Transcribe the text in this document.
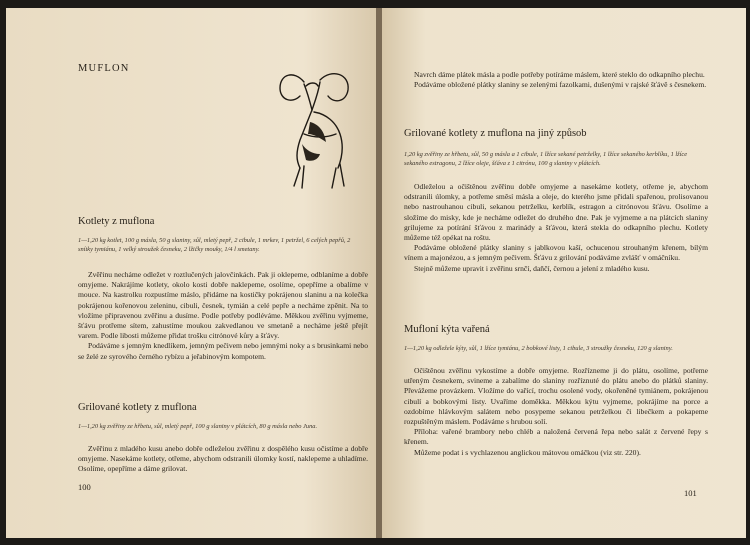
MUFLON
Kotlety z muflona
1—1,20 kg kotlet, 100 g másla, 50 g slaniny, sůl, mletý pepř, 2 cibule, 1 mrkev, 1 petržel, 6 celých pepřů, 2 snítky tymiánu, 1 velký stroužek česneku, 2 lžičky mouky, 1/4 l smetany.

Zvěřinu necháme odležet v roztlučených jalovčinkách. Pak ji oklepeme, odblaníme a dobře omyjeme. Nakrájíme kotlety, okolo kosti dobře naklepeme, osolíme, opepříme a obalíme v mouce. Na kastrolku rozpustíme máslo, přidáme na kostičky pokrájenou slaninu a na kolečka pokrájenou kořenovou zeleninu, cibuli, česnek, tymián a celé pepře a necháme zpěnit. Na to vložíme připravenou zvěřinu a dusíme. Podle potřeby podléváme. Měkkou zvěřinu vyjmeme, šťávu protřeme sítem, zahustíme moukou zakvedlanou ve smetaně a necháme ještě přejít varem. Podle libosti můžeme přidat trošku citrónové kůry a šťávy.

Podáváme s jemným knedlíkem, jemným pečivem nebo jemnými noky a s brusinkami nebo se želé ze syrového černého rybízu a jeřabinovým kompotem.

Grilované kotlety z muflona
1—1,20 kg zvěřiny ze hřbetu, sůl, mletý pepř, 100 g slaniny v plátcích, 80 g másla nebo Juna.

Zvěřinu z mladého kusu anebo dobře odleželou zvěřinu z dospělého kusu očistíme a dobře omyjeme. Nasekáme kotlety, otřeme, abychom odstranili úlomky kostí, naklepeme a uhladíme. Osolíme, opepříme a dáme grilovat.

100

Navrch dáme plátek másla a podle potřeby potíráme máslem, které steklo do odkapního plechu.

Podáváme obložené plátky slaniny se zelenými fazolkami, dušenými v rajské šťávě s česnekem.

Grilované kotlety z muflona na jiný způsob
1,20 kg zvěřiny ze hřbetu, sůl, 50 g másla a 1 cibule, 1 lžíce sekané petrželky, 1 lžíce sekaného kerblíku, 1 lžíce sekaného estragonu, 2 lžíce oleje, šťáva z 1 citrónu, 100 g slaniny v plátcích.

Odleželou a očištěnou zvěřinu dobře omyjeme a nasekáme kotlety, otřeme je, abychom odstranili úlomky, a potřeme směsí másla a oleje, do kterého jsme přidali spařenou, prolisovanou nebo nastrouhanou cibuli, sekanou petrželku, kerblík, estragon a citrónovou šťávu. Osolíme a složíme do misky, kde je necháme odležet do druhého dne. Pak je vyjmeme a na plátcích slaniny grilujeme za potírání šťávou z marinády a šťávou, která stekla do odkapního plechu. Kotlety můžeme též opékat na roštu.

Podáváme obložené plátky slaniny s jablkovou kaší, ochucenou strouhaným křenem, bílým vínem a majonézou, a s jemným pečivem. Šťávu z grilování podáváme zvlášť v omáčníku.

Stejně můžeme upravit i zvěřinu srnčí, daňčí, černou a jelení z mladého kusu.

Mufloní kýta vařená
1—1,20 kg odležele kýty, sůl, 1 lžíce tymiánu, 2 bobkové listy, 1 cibule, 3 stroužky česneku, 120 g slaniny.

Očištěnou zvěřinu vykostíme a dobře omyjeme. Rozřízneme ji do plátu, osolíme, potřeme utřeným česnekem, svineme a zabalíme do slaniny rozříznuté do plátu anebo do plátků slaniny. Převážeme provázkem. Vložíme do vařící, trochu osolené vody, okořeněné tymiánem, pokrájenou cibulí a bobkovými listy. Uvaříme doměkka. Měkkou kýtu vyjmeme, pokrájíme na porce a ozdobíme hlávkovým salátem nebo posypeme sekanou petrželkou či libečkem a pokapeme rozpuštěným máslem. Podáváme s hrubou solí.

Příloha: vařené brambory nebo chléb a naložená červená řepa nebo salát z červené řepy s křenem.

Můžeme podat i s vychlazenou anglickou mátovou omáčkou (viz str. 220).

101
